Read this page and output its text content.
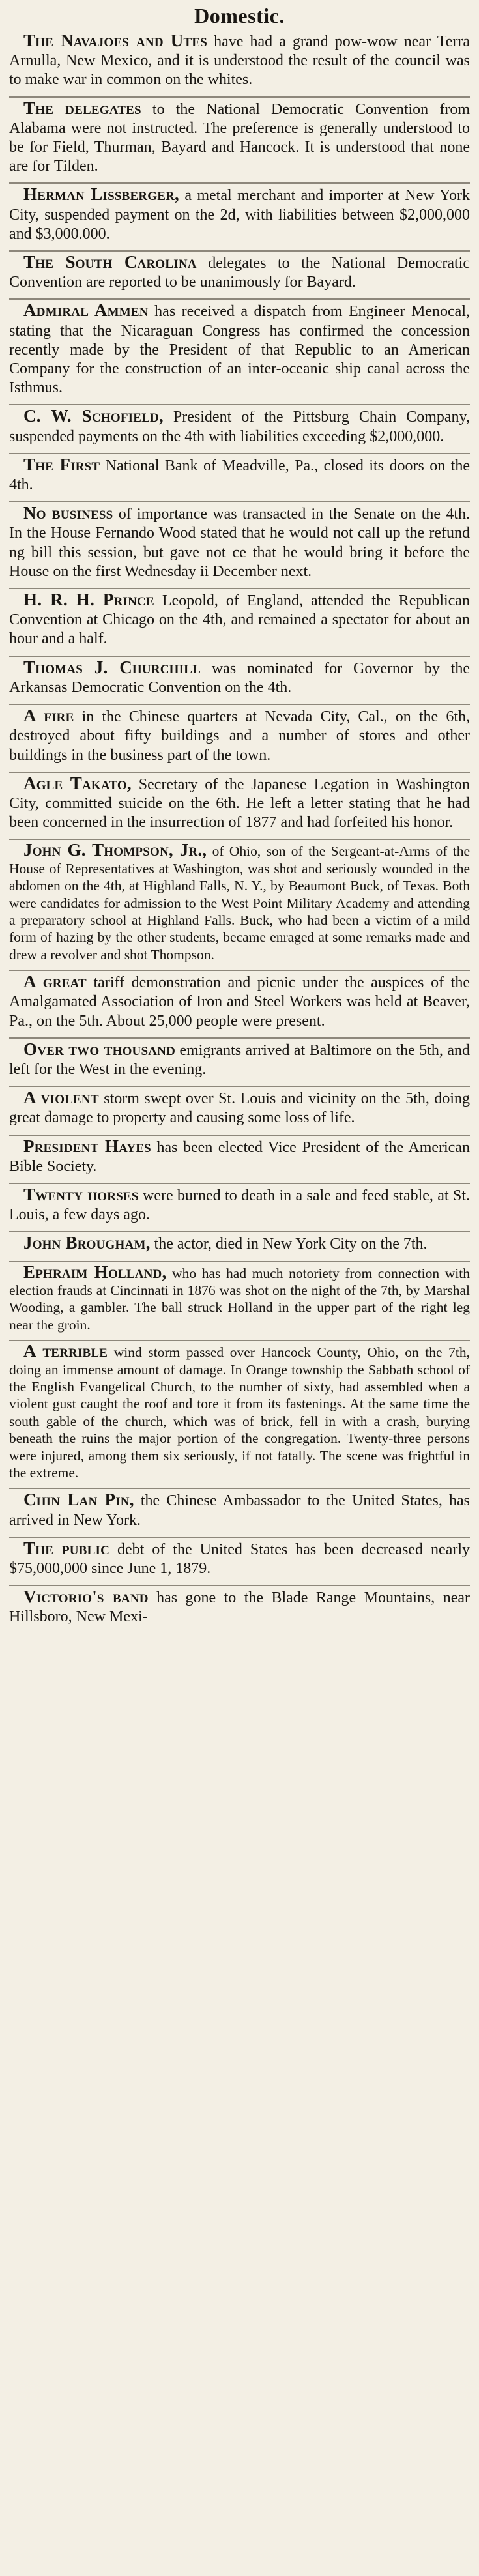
Domestic.

The Navajoes and Utes have had a grand pow-wow near Terra Arnulla, New Mexico, and it is understood the result of the council was to make war in common on the whites.

The delegates to the National Democratic Convention from Alabama were not instructed. The preference is generally understood to be for Field, Thurman, Bayard and Hancock. It is understood that none are for Tilden.

Herman Lissberger, a metal merchant and importer at New York City, suspended payment on the 2d, with liabilities between $2,000,000 and $3,000.000.

The South Carolina delegates to the National Democratic Convention are reported to be unanimously for Bayard.

Admiral Ammen has received a dispatch from Engineer Menocal, stating that the Nicaraguan Congress has confirmed the concession recently made by the President of that Republic to an American Company for the construction of an inter-oceanic ship canal across the Isthmus.

C. W. Schofield, President of the Pittsburg Chain Company, suspended payments on the 4th with liabilities exceeding $2,000,000.

The First National Bank of Meadville, Pa., closed its doors on the 4th.

No business of importance was transacted in the Senate on the 4th. In the House Fernando Wood stated that he would not call up the refund ng bill this session, but gave not ce that he would bring it before the House on the first Wednesday ii December next.

H. R. H. Prince Leopold, of England, attended the Republican Convention at Chicago on the 4th, and remained a spectator for about an hour and a half.

Thomas J. Churchill was nominated for Governor by the Arkansas Democratic Convention on the 4th.

A fire in the Chinese quarters at Nevada City, Cal., on the 6th, destroyed about fifty buildings and a number of stores and other buildings in the business part of the town.

Agle Takato, Secretary of the Japanese Legation in Washington City, committed suicide on the 6th. He left a letter stating that he had been concerned in the insurrection of 1877 and had forfeited his honor.

John G. Thompson, Jr., of Ohio, son of the Sergeant-at-Arms of the House of Representatives at Washington, was shot and seriously wounded in the abdomen on the 4th, at Highland Falls, N. Y., by Beaumont Buck, of Texas. Both were candidates for admission to the West Point Military Academy and attending a preparatory school at Highland Falls. Buck, who had been a victim of a mild form of hazing by the other students, became enraged at some remarks made and drew a revolver and shot Thompson.

A great tariff demonstration and picnic under the auspices of the Amalgamated Association of Iron and Steel Workers was held at Beaver, Pa., on the 5th. About 25,000 people were present.

Over two thousand emigrants arrived at Baltimore on the 5th, and left for the West in the evening.

A violent storm swept over St. Louis and vicinity on the 5th, doing great damage to property and causing some loss of life.

President Hayes has been elected Vice President of the American Bible Society.

Twenty horses were burned to death in a sale and feed stable, at St. Louis, a few days ago.

John Brougham, the actor, died in New York City on the 7th.

Ephraim Holland, who has had much notoriety from connection with election frauds at Cincinnati in 1876 was shot on the night of the 7th, by Marshal Wooding, a gambler. The ball struck Holland in the upper part of the right leg near the groin.

A terrible wind storm passed over Hancock County, Ohio, on the 7th, doing an immense amount of damage. In Orange township the Sabbath school of the English Evangelical Church, to the number of sixty, had assembled when a violent gust caught the roof and tore it from its fastenings. At the same time the south gable of the church, which was of brick, fell in with a crash, burying beneath the ruins the major portion of the congregation. Twenty-three persons were injured, among them six seriously, if not fatally. The scene was frightful in the extreme.

Chin Lan Pin, the Chinese Ambassador to the United States, has arrived in New York.

The public debt of the United States has been decreased nearly $75,000,000 since June 1, 1879.

Victorio's band has gone to the Blade Range Mountains, near Hillsboro, New Mexi-
